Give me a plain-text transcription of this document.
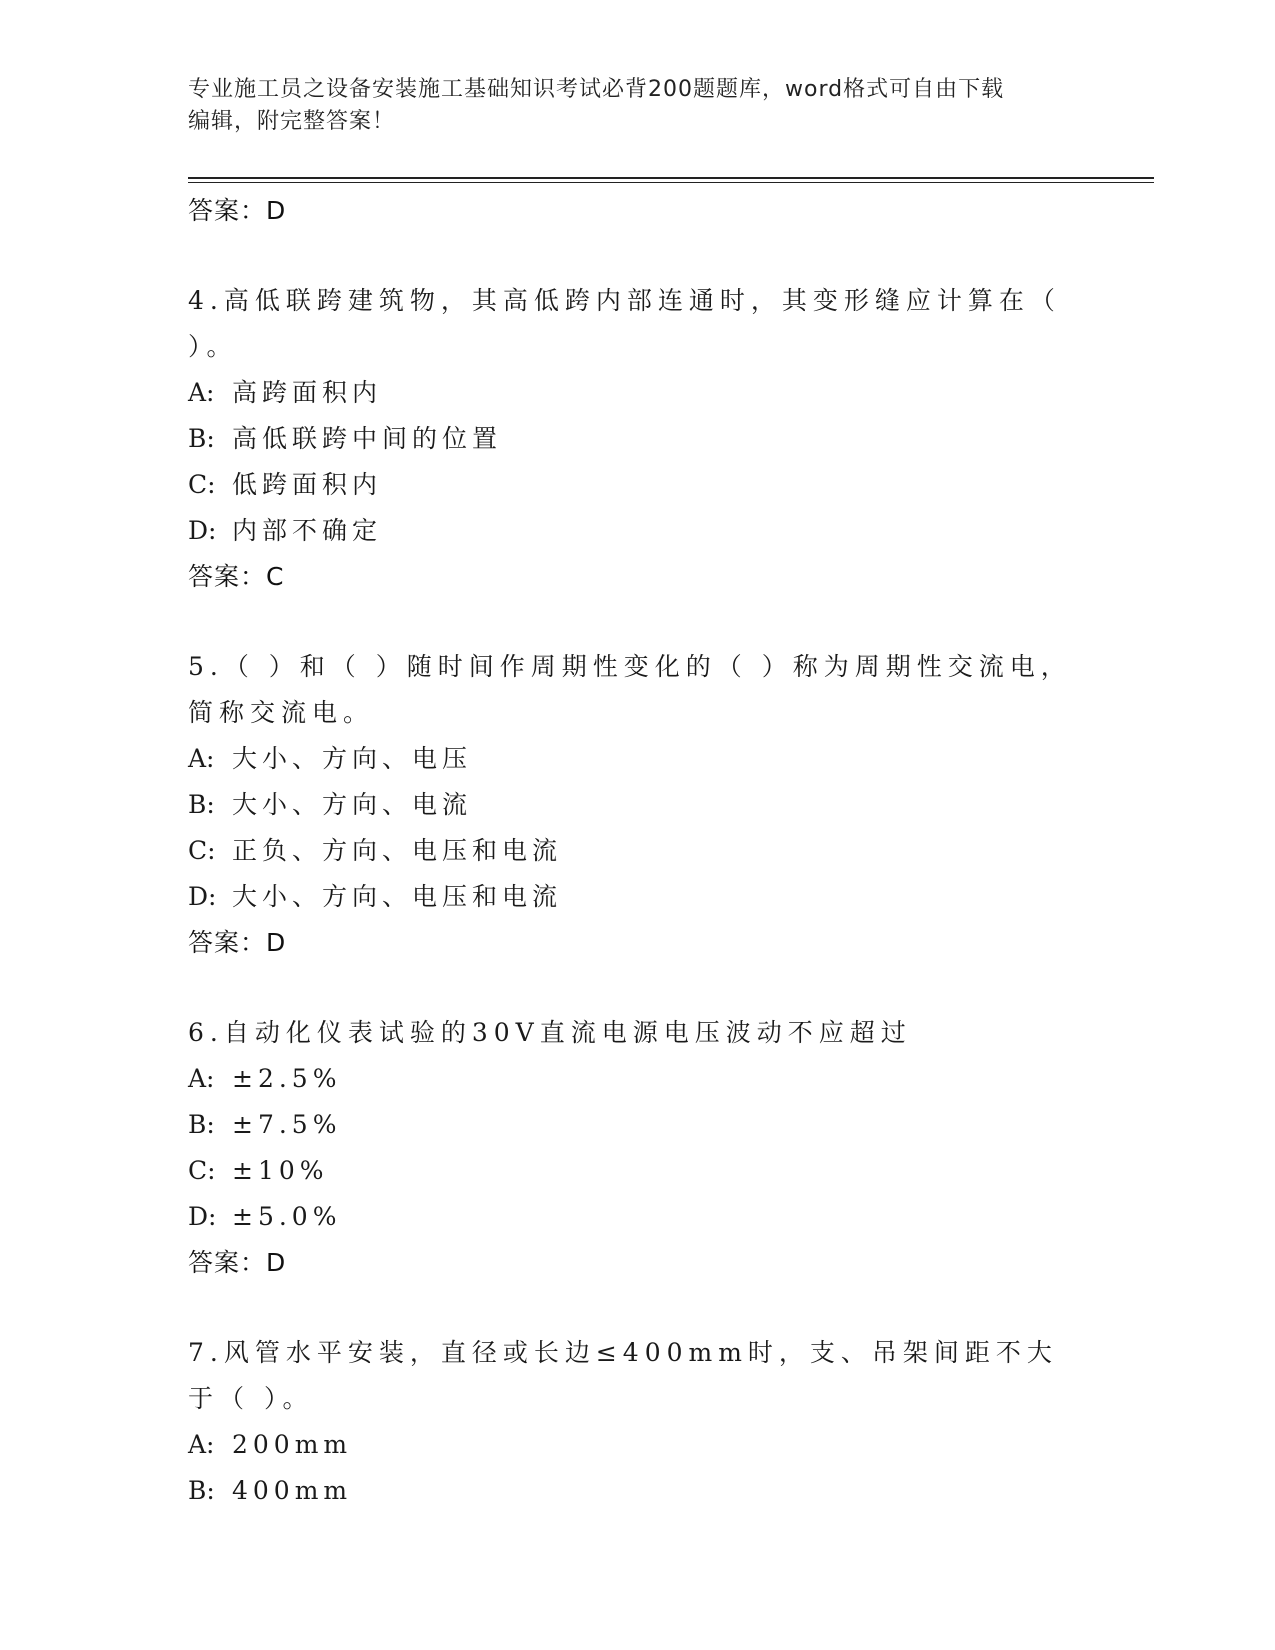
专业施工员之设备安装施工基础知识考试必背200题题库，word格式可自由下载
编辑，附完整答案！
答案：D
4.高低联跨建筑物，其高低跨内部连通时，其变形缝应计算在（ ）。
A: 高跨面积内
B: 高低联跨中间的位置
C: 低跨面积内
D: 内部不确定
答案：C
5.（ ）和（ ）随时间作周期性变化的（ ）称为周期性交流电，简称交流电。
A: 大小、方向、电压
B: 大小、方向、电流
C: 正负、方向、电压和电流
D: 大小、方向、电压和电流
答案：D
6.自动化仪表试验的30V直流电源电压波动不应超过
A: ±2.5%
B: ±7.5%
C: ±10%
D: ±5.0%
答案：D
7.风管水平安装，直径或长边≤400mm时，支、吊架间距不大于（ ）。
A: 200mm
B: 400mm
